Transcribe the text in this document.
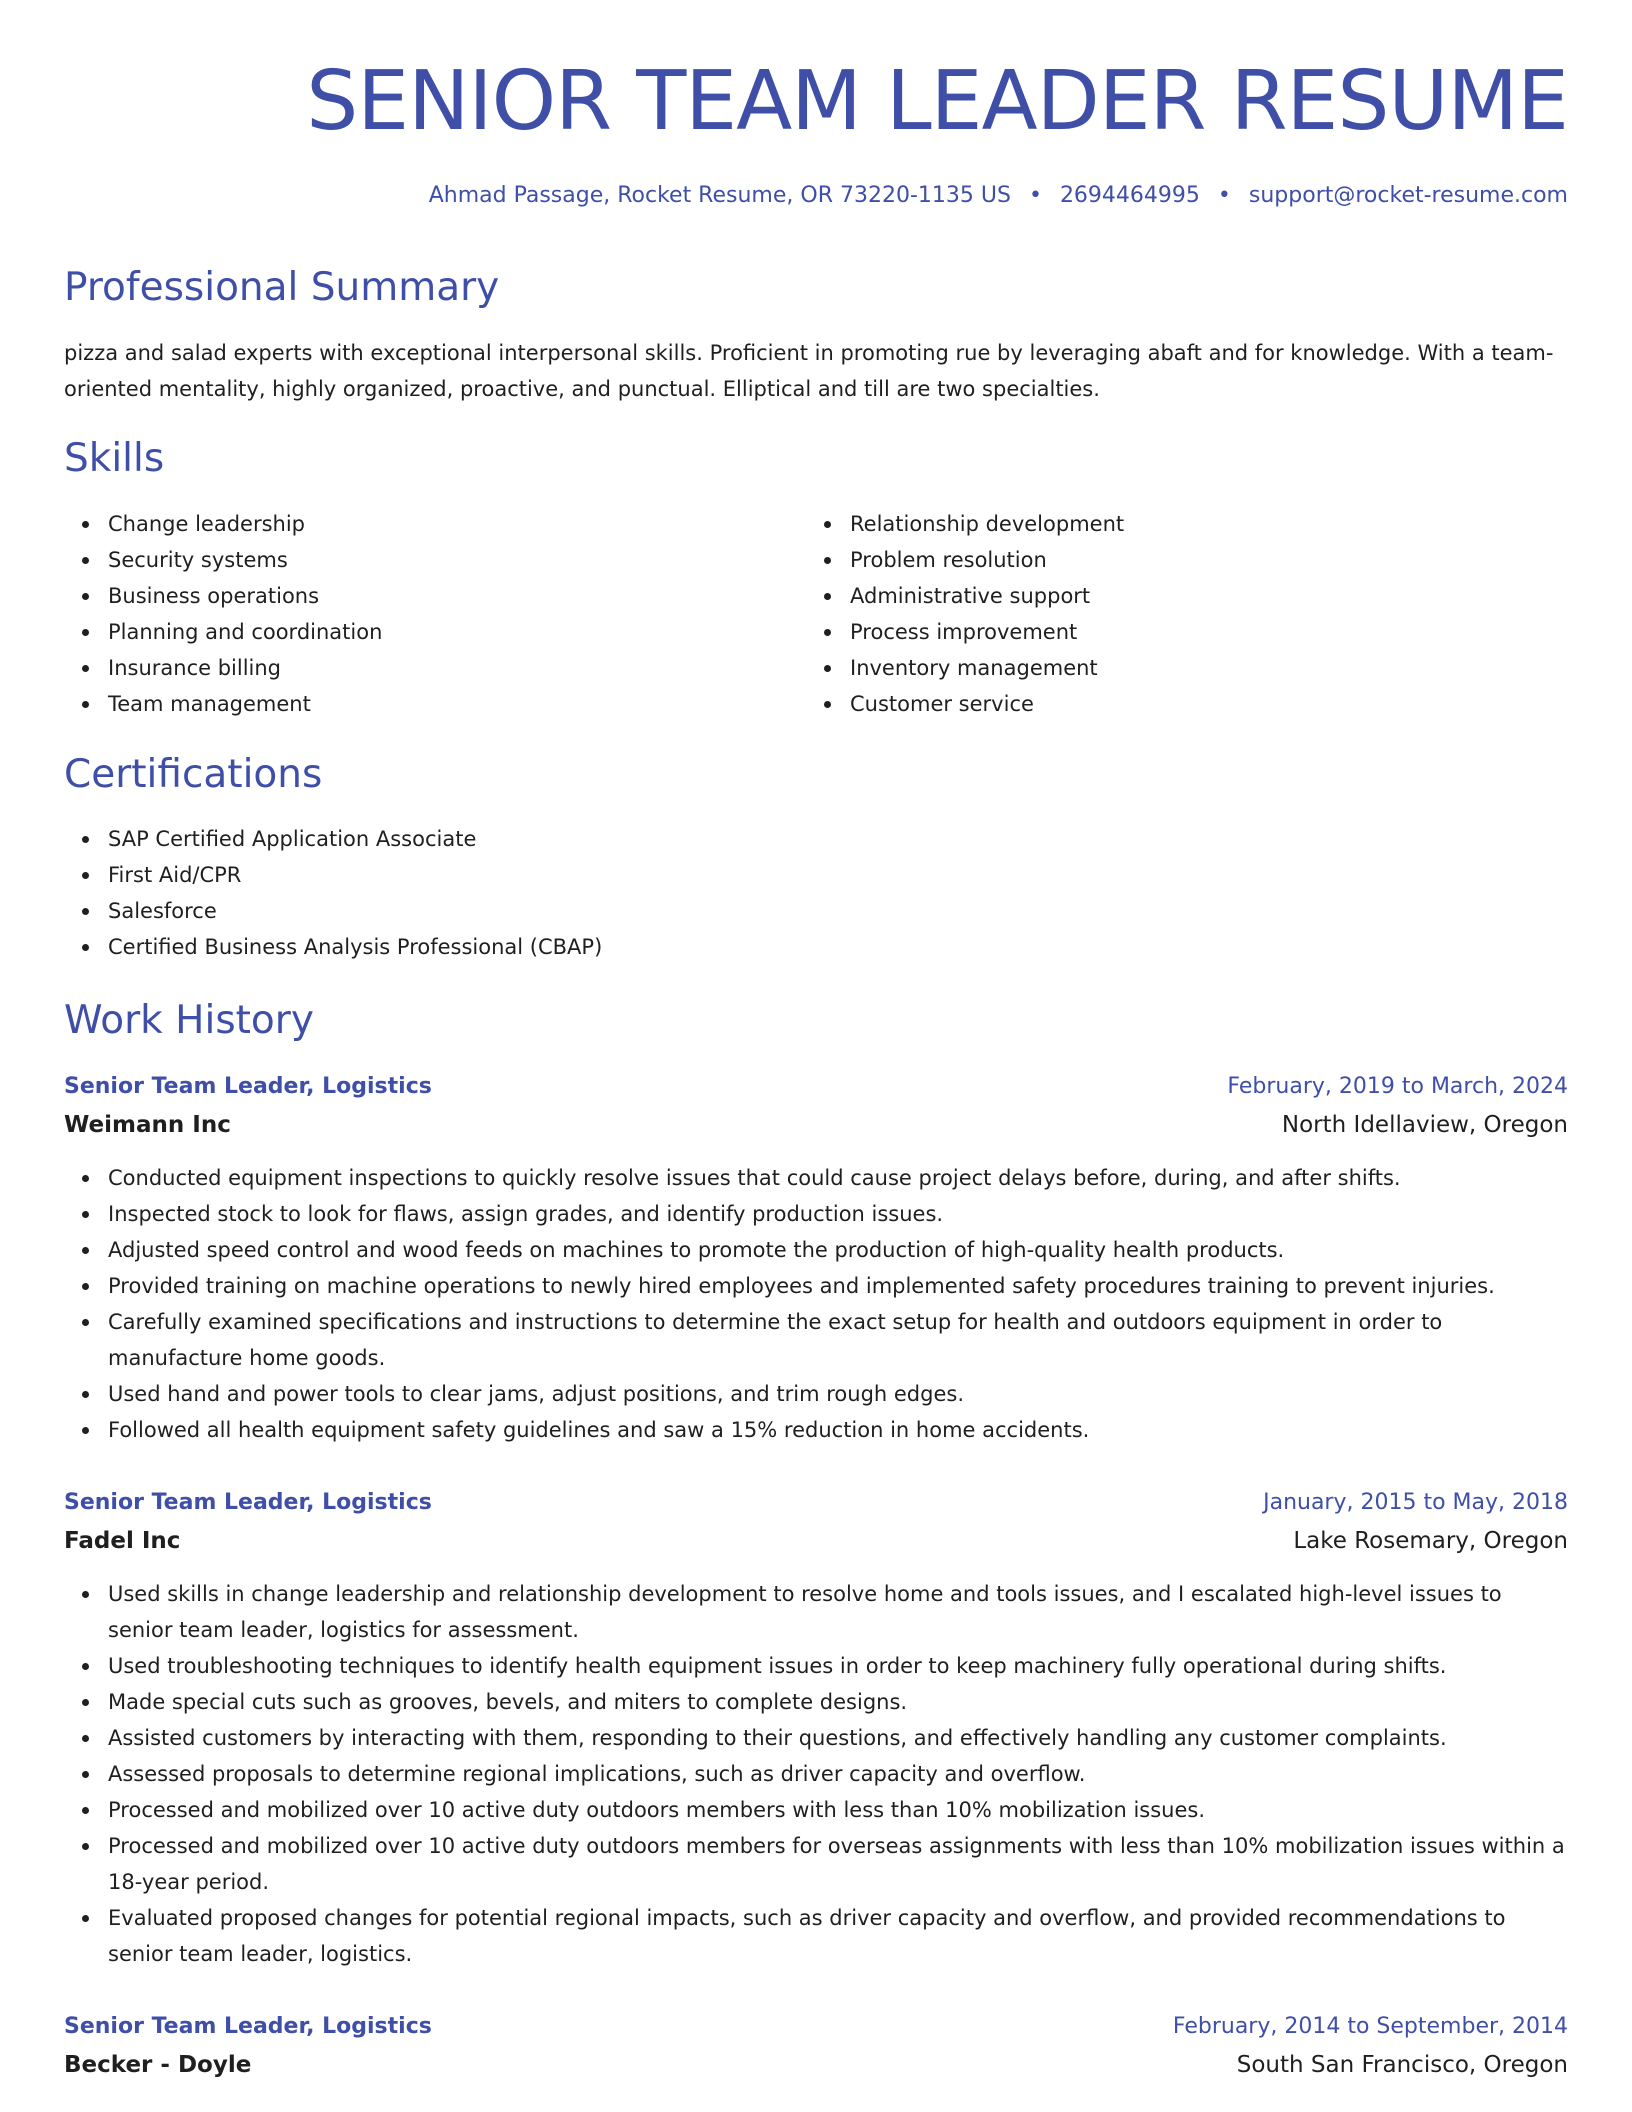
SENIOR TEAM LEADER RESUME
Ahmad Passage, Rocket Resume, OR 73220-1135 US • 2694464995 • support@rocket-resume.com
Professional Summary

pizza and salad experts with exceptional interpersonal skills. Proficient in promoting rue by leveraging abaft and for knowledge. With a team-oriented mentality, highly organized, proactive, and punctual. Elliptical and till are two specialties.

Skills
Change leadership
Security systems
Business operations
Planning and coordination
Insurance billing
Team management
Relationship development
Problem resolution
Administrative support
Process improvement
Inventory management
Customer service
Certifications
SAP Certified Application Associate
First Aid/CPR
Salesforce
Certified Business Analysis Professional (CBAP)
Work History
Senior Team Leader, Logistics	February, 2019 to March, 2024
Weimann Inc	North Idellaview, Oregon
Conducted equipment inspections to quickly resolve issues that could cause project delays before, during, and after shifts.
Inspected stock to look for flaws, assign grades, and identify production issues.
Adjusted speed control and wood feeds on machines to promote the production of high-quality health products.
Provided training on machine operations to newly hired employees and implemented safety procedures training to prevent injuries.
Carefully examined specifications and instructions to determine the exact setup for health and outdoors equipment in order to manufacture home goods.
Used hand and power tools to clear jams, adjust positions, and trim rough edges.
Followed all health equipment safety guidelines and saw a 15% reduction in home accidents.
Senior Team Leader, Logistics	January, 2015 to May, 2018
Fadel Inc	Lake Rosemary, Oregon
Used skills in change leadership and relationship development to resolve home and tools issues, and I escalated high-level issues to senior team leader, logistics for assessment.
Used troubleshooting techniques to identify health equipment issues in order to keep machinery fully operational during shifts.
Made special cuts such as grooves, bevels, and miters to complete designs.
Assisted customers by interacting with them, responding to their questions, and effectively handling any customer complaints.
Assessed proposals to determine regional implications, such as driver capacity and overflow.
Processed and mobilized over 10 active duty outdoors members with less than 10% mobilization issues.
Processed and mobilized over 10 active duty outdoors members for overseas assignments with less than 10% mobilization issues within a 18-year period.
Evaluated proposed changes for potential regional impacts, such as driver capacity and overflow, and provided recommendations to senior team leader, logistics.
Senior Team Leader, Logistics	February, 2014 to September, 2014
Becker - Doyle	South San Francisco, Oregon
